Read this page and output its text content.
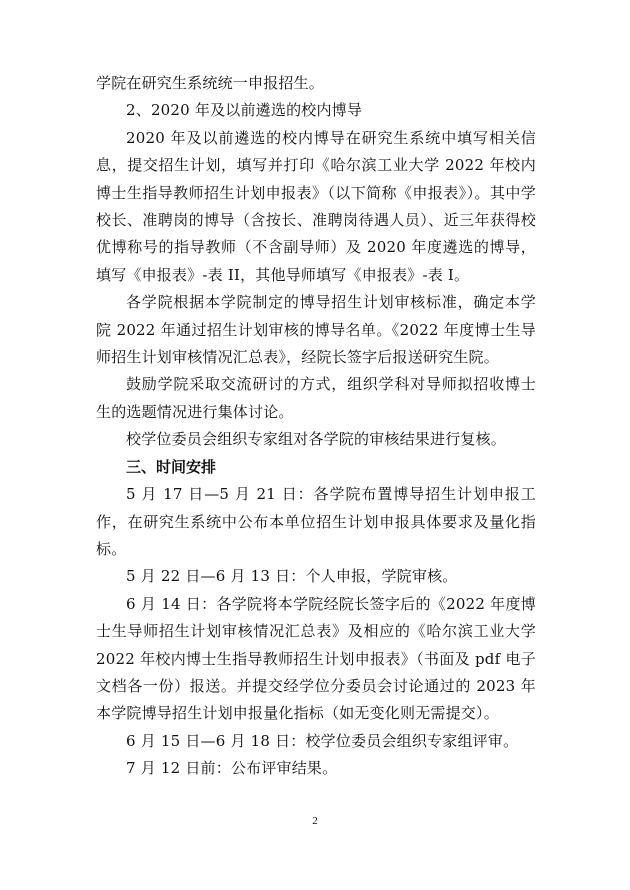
学院在研究生系统统一申报招生。

2、2020 年及以前遴选的校内博导

2020 年及以前遴选的校内博导在研究生系统中填写相关信息，提交招生计划，填写并打印《哈尔滨工业大学 2022 年校内博士生指导教师招生计划申报表》（以下简称《申报表》）。其中学校长、准聘岗的博导（含按长、准聘岗待遇人员）、近三年获得校优博称号的指导教师（不含副导师）及 2020 年度遴选的博导，填写《申报表》-表 II，其他导师填写《申报表》-表 I。

各学院根据本学院制定的博导招生计划审核标准，确定本学院 2022 年通过招生计划审核的博导名单。《2022 年度博士生导师招生计划审核情况汇总表》，经院长签字后报送研究生院。

鼓励学院采取交流研讨的方式，组织学科对导师拟招收博士生的选题情况进行集体讨论。

校学位委员会组织专家组对各学院的审核结果进行复核。

三、时间安排

5 月 17 日—5 月 21 日：各学院布置博导招生计划申报工作，在研究生系统中公布本单位招生计划申报具体要求及量化指标。

5 月 22 日—6 月 13 日：个人申报，学院审核。

6 月 14 日：各学院将本学院经院长签字后的《2022 年度博士生导师招生计划审核情况汇总表》及相应的《哈尔滨工业大学 2022 年校内博士生指导教师招生计划申报表》（书面及 pdf 电子文档各一份）报送。并提交经学位分委员会讨论通过的 2023 年本学院博导招生计划申报量化指标（如无变化则无需提交）。

6 月 15 日—6 月 18 日：校学位委员会组织专家组评审。

7 月 12 日前：公布评审结果。

2
